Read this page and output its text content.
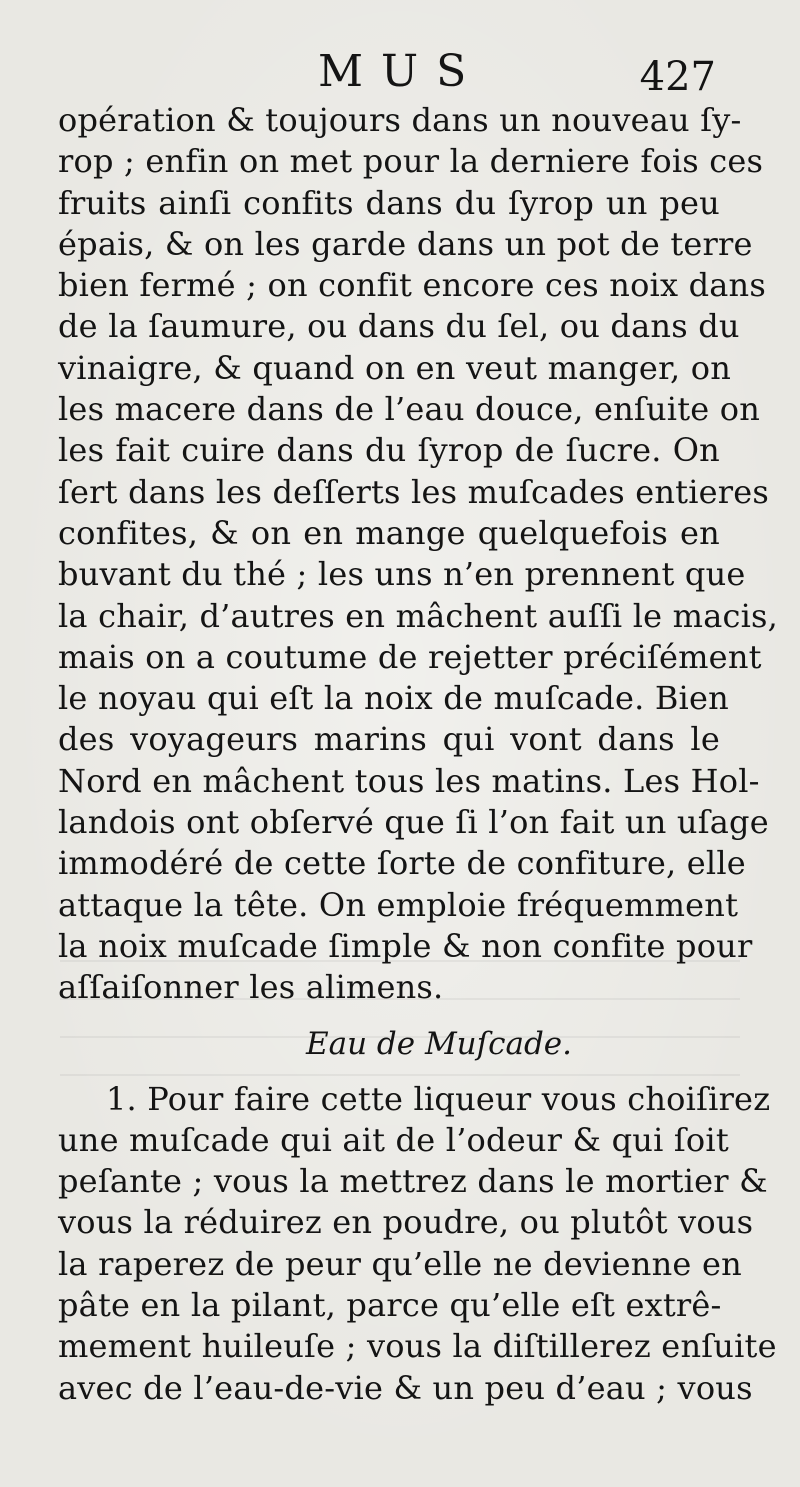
MUS	427
opération & toujours dans un nouveau ſy-
rop ; enfin on met pour la derniere fois ces
fruits ainſi confits dans du ſyrop un peu
épais, & on les garde dans un pot de terre
bien fermé ; on confit encore ces noix dans
de la ſaumure, ou dans du ſel, ou dans du
vinaigre, & quand on en veut manger, on
les macere dans de l’eau douce, enſuite on
les fait cuire dans du ſyrop de ſucre. On
ſert dans les deſſerts les muſcades entieres
confites, & on en mange quelquefois en
buvant du thé ; les uns n’en prennent que
la chair, d’autres en mâchent auſſi le macis,
mais on a coutume de rejetter préciſément
le noyau qui eſt la noix de muſcade. Bien
des voyageurs marins qui vont dans le
Nord en mâchent tous les matins. Les Hol-
landois ont obſervé que ſi l’on fait un uſage
immodéré de cette ſorte de confiture, elle
attaque la tête. On emploie fréquemment
la noix muſcade ſimple & non confite pour
aſſaiſonner les alimens.
Eau de Muſcade.
1. Pour faire cette liqueur vous choiſirez
une muſcade qui ait de l’odeur & qui ſoit
peſante ; vous la mettrez dans le mortier &
vous la réduirez en poudre, ou plutôt vous
la raperez de peur qu’elle ne devienne en
pâte en la pilant, parce qu’elle eſt extrê-
mement huileuſe ; vous la diſtillerez enſuite
avec de l’eau-de-vie & un peu d’eau ; vous
